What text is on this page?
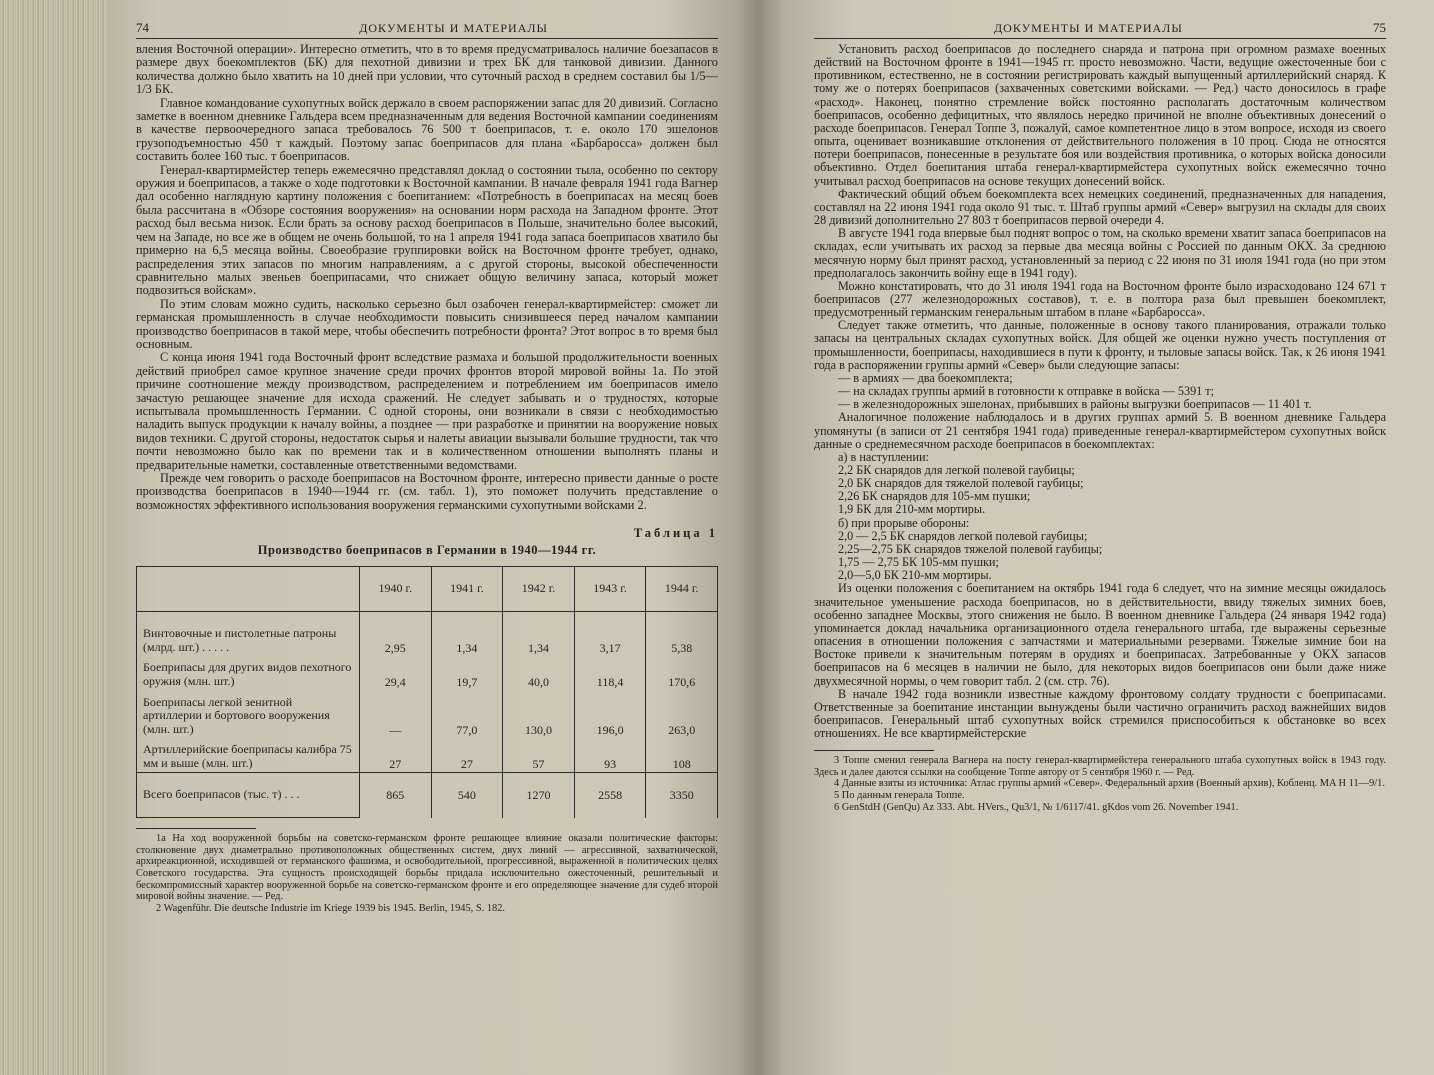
74	ДОКУМЕНТЫ И МАТЕРИАЛЫ

вления Восточной операции». Интересно отметить, что в то время предусматривалось наличие боезапасов в размере двух боекомплектов (БК) для пехотной дивизии и трех БК для танковой дивизии. Данного количества должно было хватить на 10 дней при условии, что суточный расход в среднем составил бы 1/5—1/3 БК.

Главное командование сухопутных войск держало в своем распоряжении запас для 20 дивизий. Согласно заметке в военном дневнике Гальдера всем предназначенным для ведения Восточной кампании соединениям в качестве первоочередного запаса требовалось 76 500 т боеприпасов, т. е. около 170 эшелонов грузоподъемностью 450 т каждый. Поэтому запас боеприпасов для плана «Барбаросса» должен был составить более 160 тыс. т боеприпасов.

Генерал-квартирмейстер теперь ежемесячно представлял доклад о состоянии тыла, особенно по сектору оружия и боеприпасов, а также о ходе подготовки к Восточной кампании. В начале февраля 1941 года Вагнер дал особенно наглядную картину положения с боепитанием: «Потребность в боеприпасах на месяц боев была рассчитана в «Обзоре состояния вооружения» на основании норм расхода на Западном фронте. Этот расход был весьма низок. Если брать за основу расход боеприпасов в Польше, значительно более высокий, чем на Западе, но все же в общем не очень большой, то на 1 апреля 1941 года запаса боеприпасов хватило бы примерно на 6,5 месяца войны. Своеобразие группировки войск на Восточном фронте требует, однако, распределения этих запасов по многим направлениям, а с другой стороны, высокой обеспеченности сравнительно малых звеньев боеприпасами, что снижает общую величину запаса, который может подвозиться войскам».

По этим словам можно судить, насколько серьезно был озабочен генерал-квартирмейстер: сможет ли германская промышленность в случае необходимости повысить снизившееся перед началом кампании производство боеприпасов в такой мере, чтобы обеспечить потребности фронта? Этот вопрос в то время был основным.

С конца июня 1941 года Восточный фронт вследствие размаха и большой продолжительности военных действий приобрел самое крупное значение среди прочих фронтов второй мировой войны 1a. По этой причине соотношение между производством, распределением и потреблением им боеприпасов имело зачастую решающее значение для исхода сражений. Не следует забывать и о трудностях, которые испытывала промышленность Германии. С одной стороны, они возникали в связи с необходимостью наладить выпуск продукции к началу войны, а позднее — при разработке и принятии на вооружение новых видов техники. С другой стороны, недостаток сырья и налеты авиации вызывали большие трудности, так что почти невозможно было как по времени так и в количественном отношении выполнять планы и предварительные наметки, составленные ответственными ведомствами.

Прежде чем говорить о расходе боеприпасов на Восточном фронте, интересно привести данные о росте производства боеприпасов в 1940—1944 гг. (см. табл. 1), это поможет получить представление о возможностях эффективного использования вооружения германскими сухопутными войсками 2.

Таблица 1
Производство боеприпасов в Германии в 1940—1944 гг.
	1940 г.	1941 г.	1942 г.	1943 г.	1944 г.
Винтовочные и пистолетные патроны (млрд. шт.) . . . . .	2,95	1,34	1,34	3,17	5,38
Боеприпасы для других видов пехотного оружия (млн. шт.)	29,4	19,7	40,0	118,4	170,6
Боеприпасы легкой зенитной артиллерии и бортового вооружения (млн. шт.)	—	77,0	130,0	196,0	263,0
Артиллерийские боеприпасы калибра 75 мм и выше (млн. шт.)	27	27	57	93	108
Всего боеприпасов (тыс. т) . . .	865	540	1270	2558	3350

1a На ход вооруженной борьбы на советско-германском фронте решающее влияние оказали политические факторы: столкновение двух диаметрально противоположных общественных систем, двух линий — агрессивной, захватнической, архиреакционной, исходившей от германского фашизма, и освободительной, прогрессивной, выраженной в политических целях Советского государства. Эта сущность происходящей борьбы придала исключительно ожесточенный, решительный и бескомпромиссный характер вооруженной борьбе на советско-германском фронте и его определяющее значение для судеб второй мировой войны значение. — Ред.

2 Wagenführ. Die deutsche Industrie im Kriege 1939 bis 1945. Berlin, 1945, S. 182.

ДОКУМЕНТЫ И МАТЕРИАЛЫ	75

Установить расход боеприпасов до последнего снаряда и патрона при огромном размахе военных действий на Восточном фронте в 1941—1945 гг. просто невозможно. Части, ведущие ожесточенные бои с противником, естественно, не в состоянии регистрировать каждый выпущенный артиллерийский снаряд. К тому же о потерях боеприпасов (захваченных советскими войсками. — Ред.) часто доносилось в графе «расход». Наконец, понятно стремление войск постоянно располагать достаточным количеством боеприпасов, особенно дефицитных, что являлось нередко причиной не вполне объективных донесений о расходе боеприпасов. Генерал Топпе 3, пожалуй, самое компетентное лицо в этом вопросе, исходя из своего опыта, оценивает возникавшие отклонения от действительного положения в 10 проц. Сюда не относятся потери боеприпасов, понесенные в результате боя или воздействия противника, о которых войска доносили объективно. Отдел боепитания штаба генерал-квартирмейстера сухопутных войск ежемесячно точно учитывал расход боеприпасов на основе текущих донесений войск.

Фактический общий объем боекомплекта всех немецких соединений, предназначенных для нападения, составлял на 22 июня 1941 года около 91 тыс. т. Штаб группы армий «Север» выгрузил на склады для своих 28 дивизий дополнительно 27 803 т боеприпасов первой очереди 4.

В августе 1941 года впервые был поднят вопрос о том, на сколько времени хватит запаса боеприпасов на складах, если учитывать их расход за первые два месяца войны с Россией по данным ОКХ. За среднюю месячную норму был принят расход, установленный за период с 22 июня по 31 июля 1941 года (но при этом предполагалось закончить войну еще в 1941 году).

Можно констатировать, что до 31 июля 1941 года на Восточном фронте было израсходовано 124 671 т боеприпасов (277 железнодорожных составов), т. е. в полтора раза был превышен боекомплект, предусмотренный германским генеральным штабом в плане «Барбаросса».

Следует также отметить, что данные, положенные в основу такого планирования, отражали только запасы на центральных складах сухопутных войск. Для общей же оценки нужно учесть поступления от промышленности, боеприпасы, находившиеся в пути к фронту, и тыловые запасы войск. Так, к 26 июня 1941 года в распоряжении группы армий «Север» были следующие запасы:

— в армиях — два боекомплекта;

— на складах группы армий в готовности к отправке в войска — 5391 т;

— в железнодорожных эшелонах, прибывших в районы выгрузки боеприпасов — 11 401 т.

Аналогичное положение наблюдалось и в других группах армий 5. В военном дневнике Гальдера упомянуты (в записи от 21 сентября 1941 года) приведенные генерал-квартирмейстером сухопутных войск данные о среднемесячном расходе боеприпасов в боекомплектах:

а) в наступлении:

2,2 БК снарядов для легкой полевой гаубицы;

2,0 БК снарядов для тяжелой полевой гаубицы;

2,26 БК снарядов для 105-мм пушки;

1,9 БК для 210-мм мортиры.

б) при прорыве обороны:

2,0 — 2,5 БК снарядов легкой полевой гаубицы;

2,25—2,75 БК снарядов тяжелой полевой гаубицы;

1,75 — 2,75 БК 105-мм пушки;

2,0—5,0 БК 210-мм мортиры.

Из оценки положения с боепитанием на октябрь 1941 года 6 следует, что на зимние месяцы ожидалось значительное уменьшение расхода боеприпасов, но в действительности, ввиду тяжелых зимних боев, особенно западнее Москвы, этого снижения не было. В военном дневнике Гальдера (24 января 1942 года) упоминается доклад начальника организационного отдела генерального штаба, где выражены серьезные опасения в отношении положения с запчастями и материальными резервами. Тяжелые зимние бои на Востоке привели к значительным потерям в орудиях и боеприпасах. Затребованные у ОКХ запасов боеприпасов на 6 месяцев в наличии не было, для некоторых видов боеприпасов они были даже ниже двухмесячной нормы, о чем говорит табл. 2 (см. стр. 76).

В начале 1942 года возникли известные каждому фронтовому солдату трудности с боеприпасами. Ответственные за боепитание инстанции вынуждены были частично ограничить расход важнейших видов боеприпасов. Генеральный штаб сухопутных войск стремился приспособиться к обстановке во всех отношениях. Не все квартирмейстерские

3 Топпе сменил генерала Вагнера на посту генерал-квартирмейстера генерального штаба сухопутных войск в 1943 году. Здесь и далее даются ссылки на сообщение Топпе автору от 5 сентября 1960 г. — Ред.

4 Данные взяты из источника: Атлас группы армий «Север». Федеральный архив (Военный архив), Кобленц. MA H 11—9/1.

5 По данным генерала Топпе.

6 GenStdH (GenQu) Az 333. Abt. HVers., Qu3/1, № 1/6117/41. gKdos vom 26. November 1941.
